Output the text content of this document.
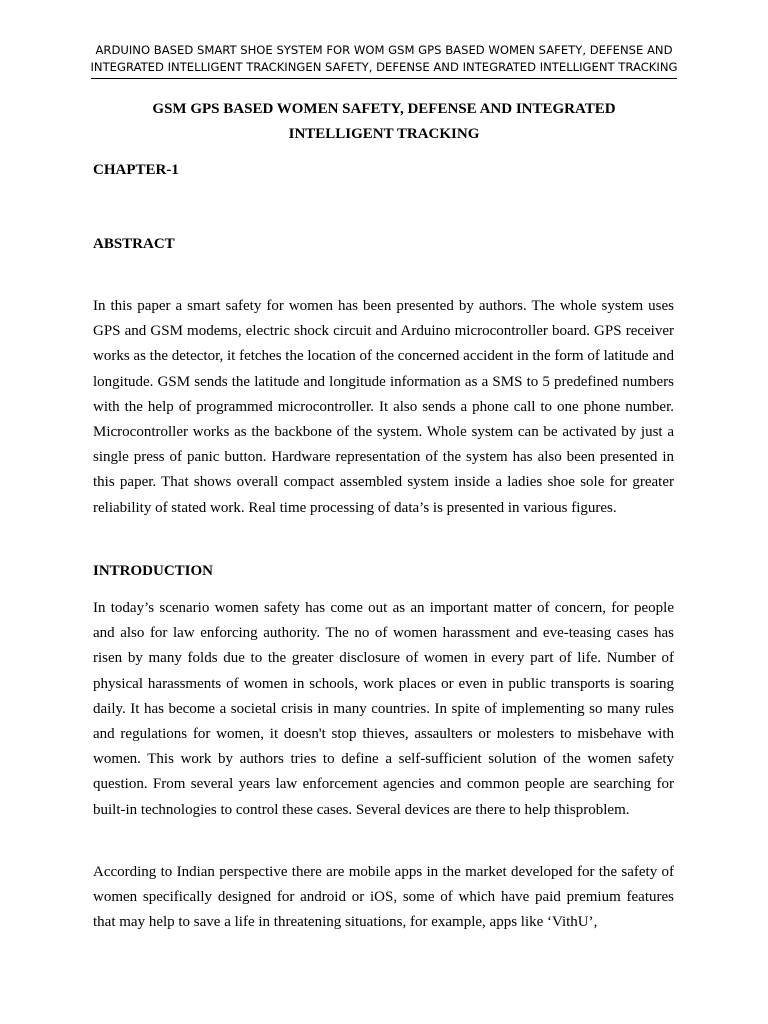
ARDUINO BASED SMART SHOE SYSTEM FOR WOM GSM GPS BASED WOMEN SAFETY, DEFENSE AND
INTEGRATED INTELLIGENT TRACKINGEN SAFETY, DEFENSE AND INTEGRATED INTELLIGENT TRACKING
GSM GPS BASED WOMEN SAFETY, DEFENSE AND INTEGRATED
INTELLIGENT TRACKING
CHAPTER-1
ABSTRACT

In this paper a smart safety for women has been presented by authors. The whole system uses GPS and GSM modems, electric shock circuit and Arduino microcontroller board. GPS receiver works as the detector, it fetches the location of the concerned accident in the form of latitude and longitude. GSM sends the latitude and longitude information as a SMS to 5 predefined numbers with the help of programmed microcontroller. It also sends a phone call to one phone number. Microcontroller works as the backbone of the system. Whole system can be activated by just a single press of panic button. Hardware representation of the system has also been presented in this paper. That shows overall compact assembled system inside a ladies shoe sole for greater reliability of stated work. Real time processing of data’s is presented in various figures.

INTRODUCTION

In today’s scenario women safety has come out as an important matter of concern, for people and also for law enforcing authority. The no of women harassment and eve-teasing cases has risen by many folds due to the greater disclosure of women in every part of life. Number of physical harassments of women in schools, work places or even in public transports is soaring daily. It has become a societal crisis in many countries. In spite of implementing so many rules and regulations for women, it doesn't stop thieves, assaulters or molesters to misbehave with women. This work by authors tries to define a self-sufficient solution of the women safety question. From several years law enforcement agencies and common people are searching for built-in technologies to control these cases. Several devices are there to help thisproblem.

According to Indian perspective there are mobile apps in the market developed for the safety of women specifically designed for android or iOS, some of which have paid premium features that may help to save a life in threatening situations, for example, apps like ‘VithU’,
